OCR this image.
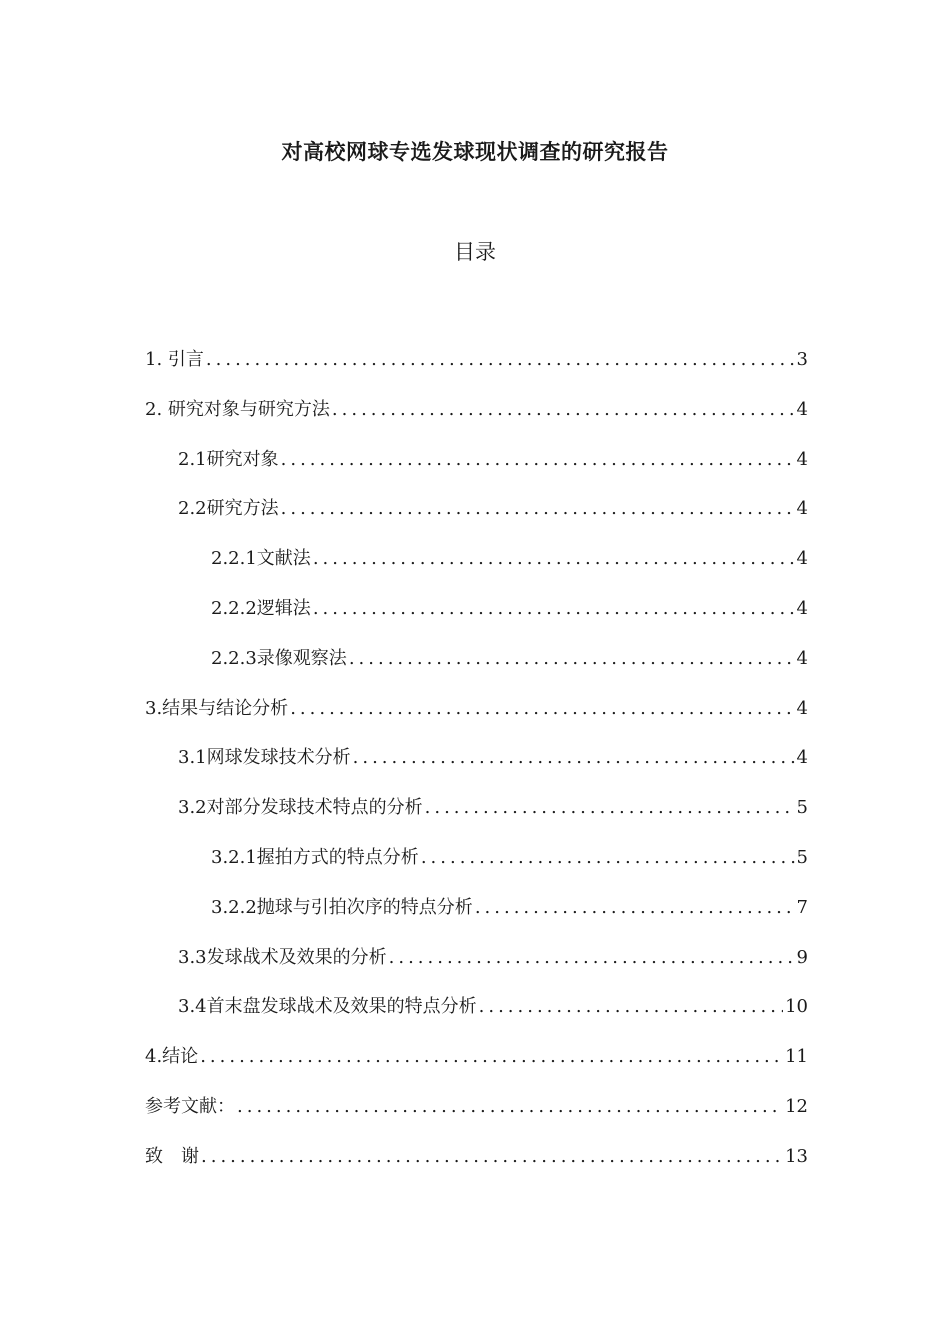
对高校网球专选发球现状调查的研究报告
目录
1. 引言 .....	3
2. 研究对象与研究方法 .....	4
2.1研究对象 .....	4
2.2研究方法 .....	4
2.2.1文献法 .....	4
2.2.2逻辑法 .....	4
2.2.3录像观察法 .....	4
3.结果与结论分析 .....	4
3.1网球发球技术分析 .....	4
3.2对部分发球技术特点的分析 .....	5
3.2.1握拍方式的特点分析 .....	5
3.2.2抛球与引拍次序的特点分析 .....	7
3.3发球战术及效果的分析 .....	9
3.4首末盘发球战术及效果的特点分析 .....	10
4.结论 .....	11
参考文献： .....	12
致　谢 .....	13
